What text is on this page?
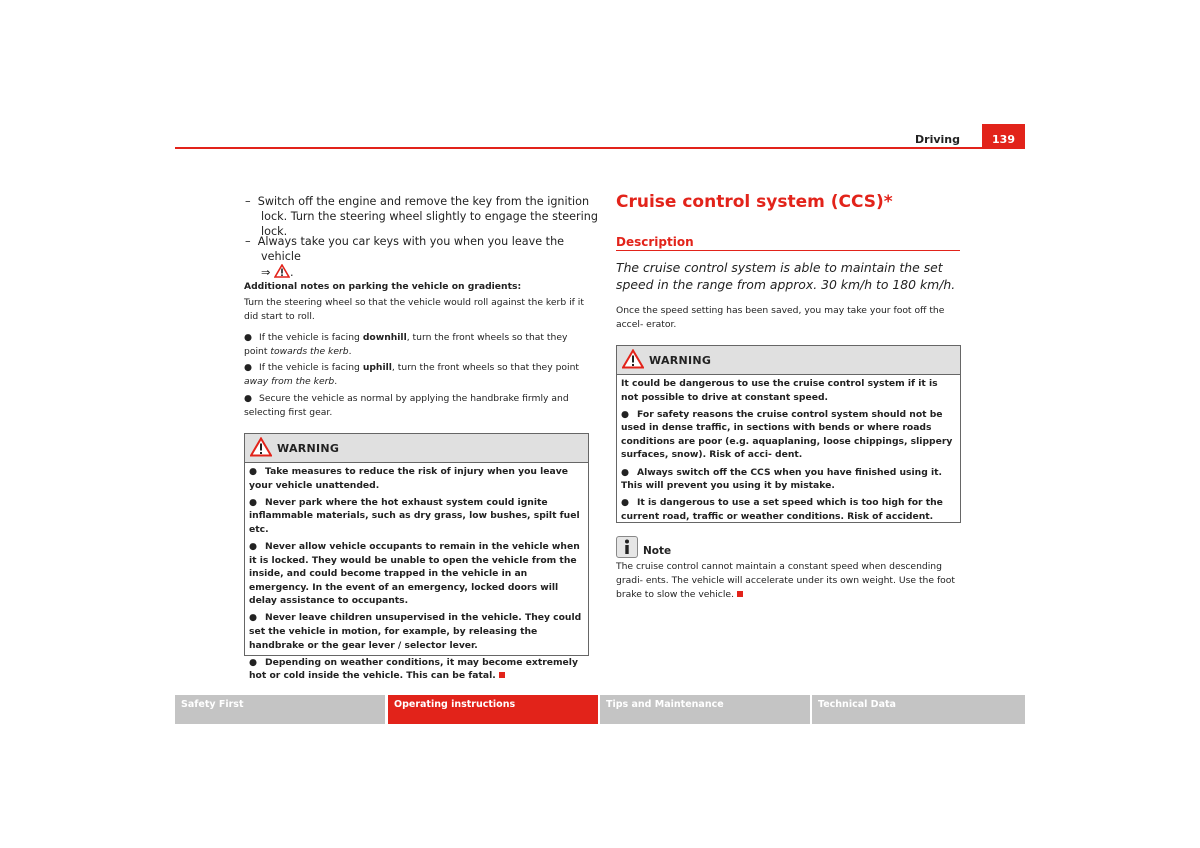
Driving	139
– Switch off the engine and remove the key from the ignition lock. Turn the steering wheel slightly to engage the steering lock.
– Always take you car keys with you when you leave the vehicle
⇒ .
Additional notes on parking the vehicle on gradients:
Turn the steering wheel so that the vehicle would roll against the kerb if it did start to roll.
● If the vehicle is facing downhill, turn the front wheels so that they point towards the kerb.
● If the vehicle is facing uphill, turn the front wheels so that they point away from the kerb.
● Secure the vehicle as normal by applying the handbrake firmly and selecting first gear.
WARNING

● Take measures to reduce the risk of injury when you leave your vehicle unattended.

● Never park where the hot exhaust system could ignite inflammable materials, such as dry grass, low bushes, spilt fuel etc.

● Never allow vehicle occupants to remain in the vehicle when it is locked. They would be unable to open the vehicle from the inside, and could become trapped in the vehicle in an emergency. In the event of an emergency, locked doors will delay assistance to occupants.

● Never leave children unsupervised in the vehicle. They could set the vehicle in motion, for example, by releasing the handbrake or the gear lever / selector lever.

● Depending on weather conditions, it may become extremely hot or cold inside the vehicle. This can be fatal.

Cruise control system (CCS)*
Description
The cruise control system is able to maintain the set speed in the range from approx. 30 km/h to 180 km/h.
Once the speed setting has been saved, you may take your foot off the accel- erator.
WARNING

It could be dangerous to use the cruise control system if it is not possible to drive at constant speed.

● For safety reasons the cruise control system should not be used in dense traffic, in sections with bends or where roads conditions are poor (e.g. aquaplaning, loose chippings, slippery surfaces, snow). Risk of acci- dent.

● Always switch off the CCS when you have finished using it. This will prevent you using it by mistake.

● It is dangerous to use a set speed which is too high for the current road, traffic or weather conditions. Risk of accident.

Note
The cruise control cannot maintain a constant speed when descending gradi- ents. The vehicle will accelerate under its own weight. Use the foot brake to slow the vehicle.
Safety First	Operating instructions	Tips and Maintenance	Technical Data
